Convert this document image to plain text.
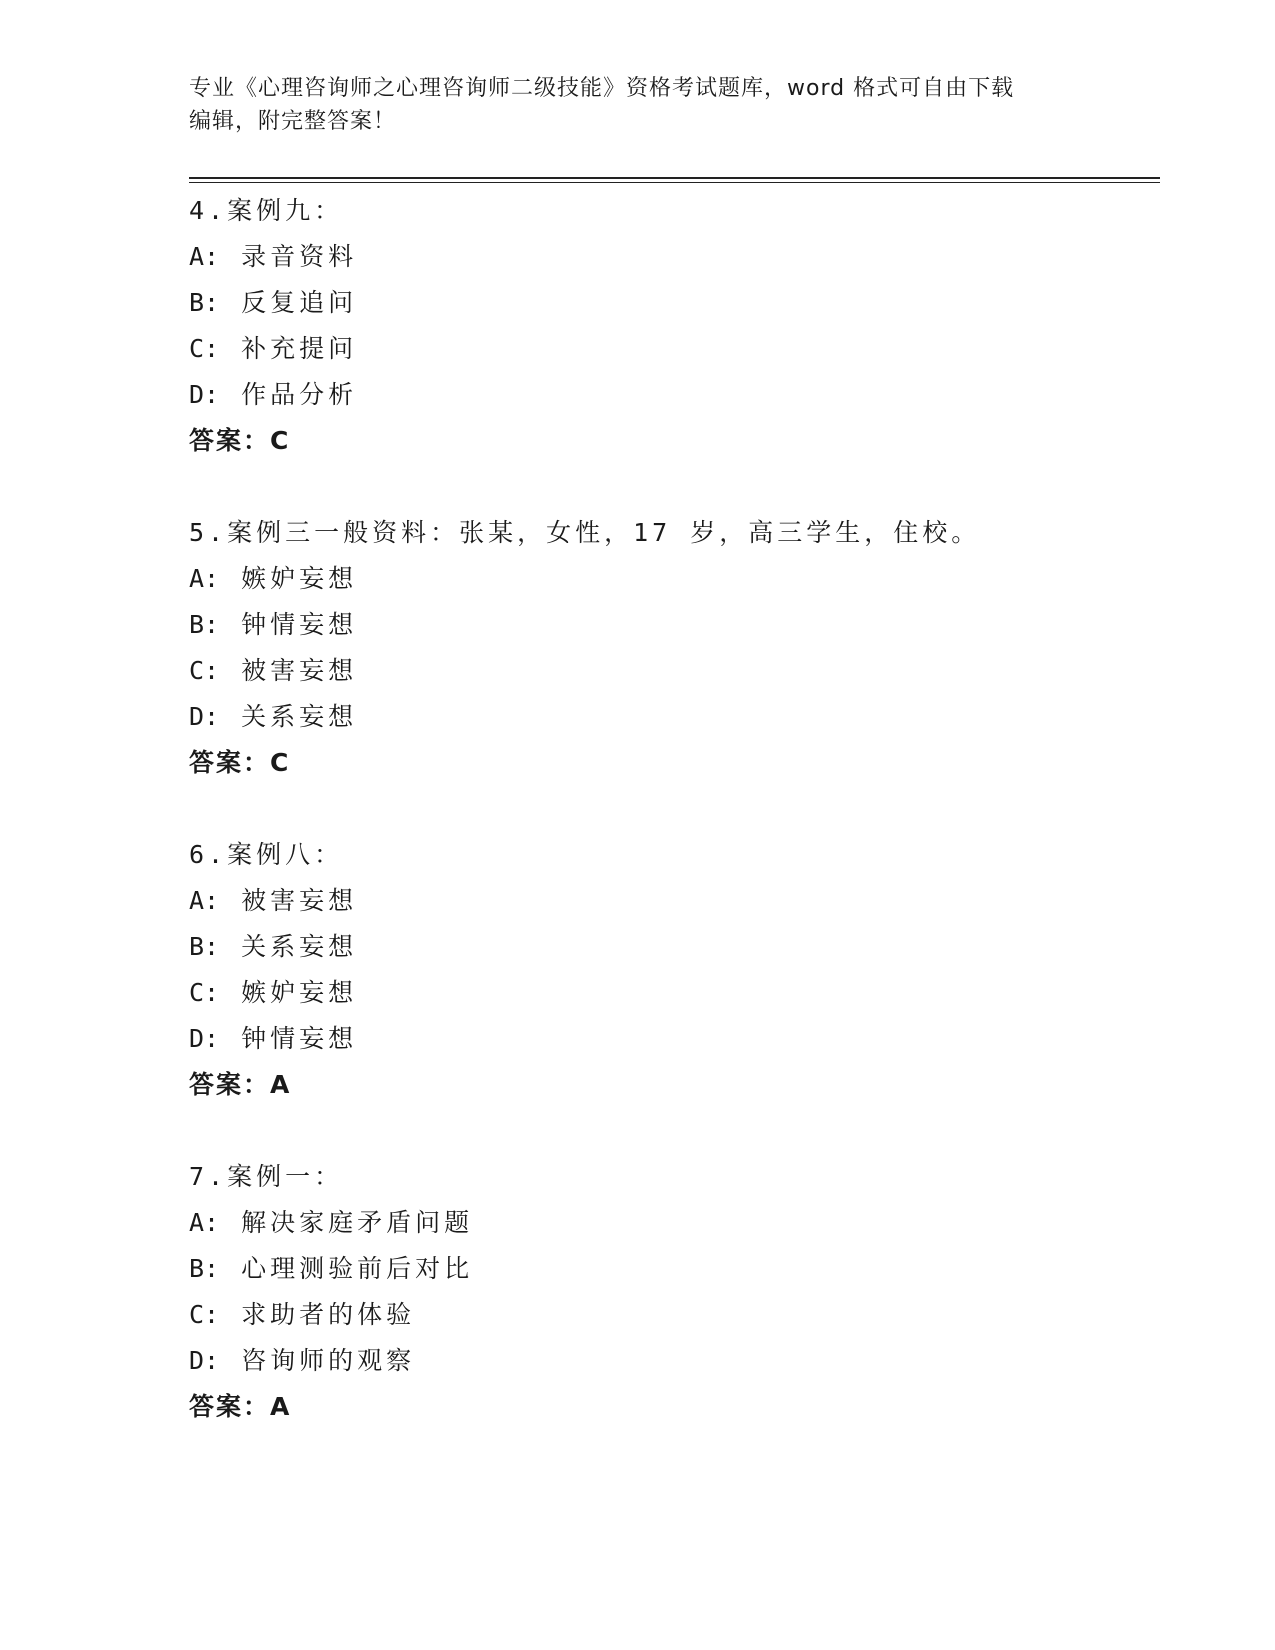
专业《心理咨询师之心理咨询师二级技能》资格考试题库，word 格式可自由下载
编辑，附完整答案！
4.案例九：
A: 录音资料
B: 反复追问
C: 补充提问
D: 作品分析
答案：C
5.案例三一般资料：张某，女性，17 岁，高三学生，住校。
A: 嫉妒妄想
B: 钟情妄想
C: 被害妄想
D: 关系妄想
答案：C
6.案例八：
A: 被害妄想
B: 关系妄想
C: 嫉妒妄想
D: 钟情妄想
答案：A
7.案例一：
A: 解决家庭矛盾问题
B: 心理测验前后对比
C: 求助者的体验
D: 咨询师的观察
答案：A
